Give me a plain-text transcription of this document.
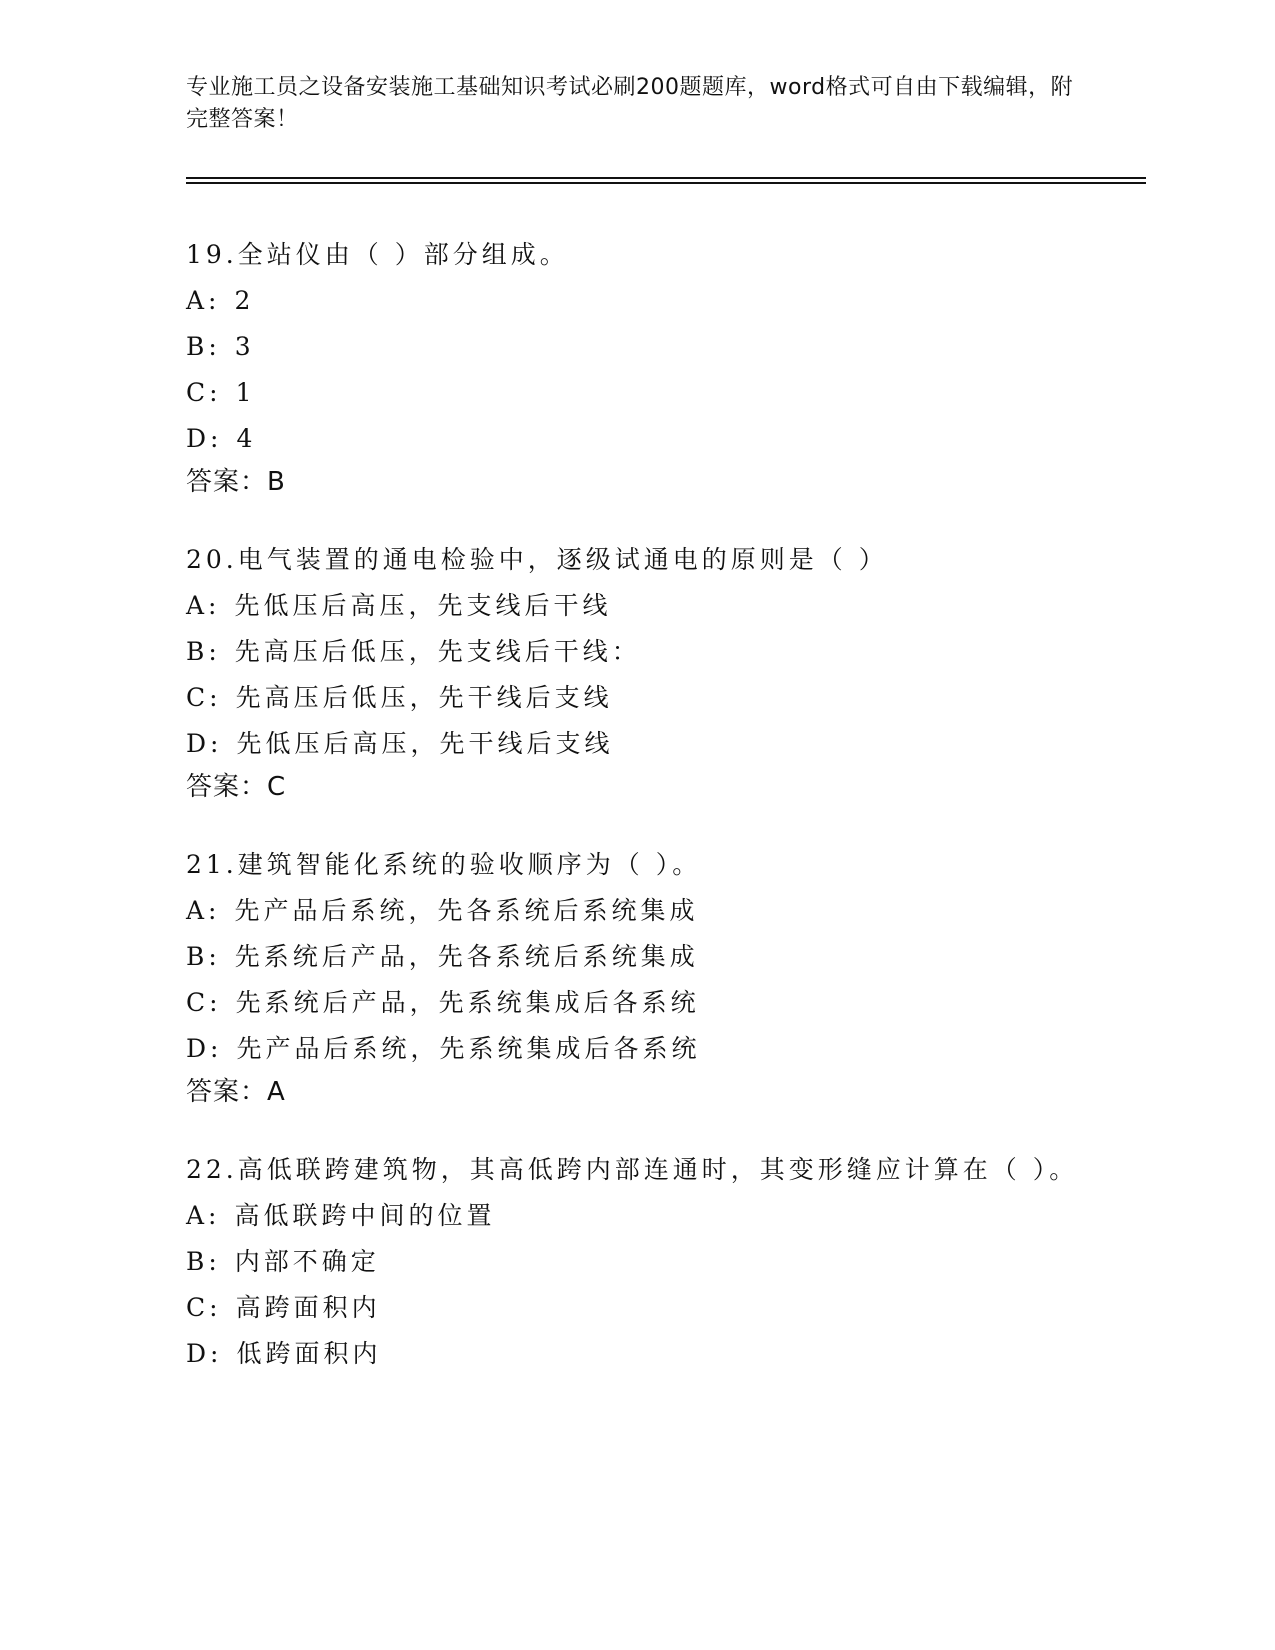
专业施工员之设备安装施工基础知识考试必刷200题题库，word格式可自由下载编辑，附完整答案！
19.全站仪由（ ）部分组成。
A: 2
B: 3
C: 1
D: 4
答案：B
20.电气装置的通电检验中，逐级试通电的原则是（ ）
A: 先低压后高压，先支线后干线
B: 先高压后低压，先支线后干线：
C: 先高压后低压，先干线后支线
D: 先低压后高压，先干线后支线
答案：C
21.建筑智能化系统的验收顺序为（ ）。
A: 先产品后系统，先各系统后系统集成
B: 先系统后产品，先各系统后系统集成
C: 先系统后产品，先系统集成后各系统
D: 先产品后系统，先系统集成后各系统
答案：A
22.高低联跨建筑物，其高低跨内部连通时，其变形缝应计算在（ ）。
A: 高低联跨中间的位置
B: 内部不确定
C: 高跨面积内
D: 低跨面积内
